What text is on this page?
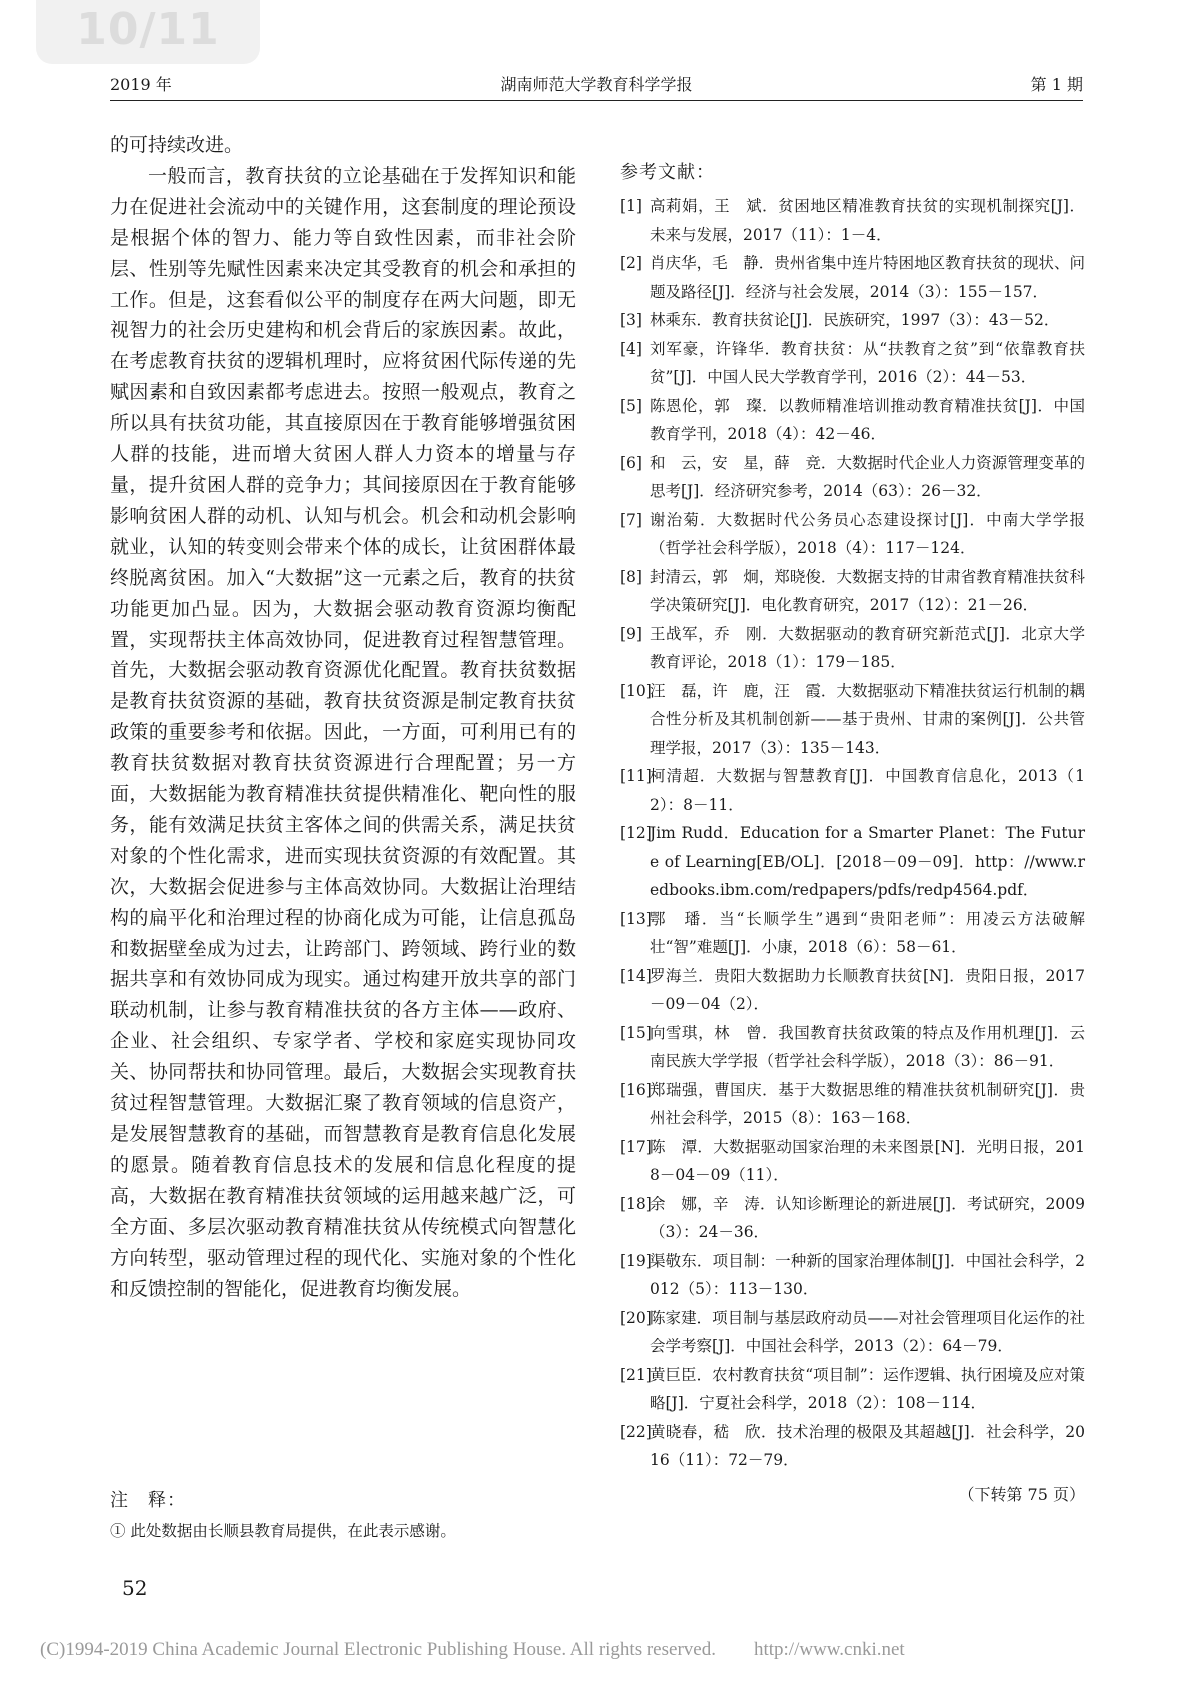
10/11
2019 年	湖南师范大学教育科学学报	第 1 期

的可持续改进。

一般而言，教育扶贫的立论基础在于发挥知识和能力在促进社会流动中的关键作用，这套制度的理论预设是根据个体的智力、能力等自致性因素，而非社会阶层、性别等先赋性因素来决定其受教育的机会和承担的工作。但是，这套看似公平的制度存在两大问题，即无视智力的社会历史建构和机会背后的家族因素。故此，在考虑教育扶贫的逻辑机理时，应将贫困代际传递的先赋因素和自致因素都考虑进去。按照一般观点，教育之所以具有扶贫功能，其直接原因在于教育能够增强贫困人群的技能，进而增大贫困人群人力资本的增量与存量，提升贫困人群的竞争力；其间接原因在于教育能够影响贫困人群的动机、认知与机会。机会和动机会影响就业，认知的转变则会带来个体的成长，让贫困群体最终脱离贫困。加入“大数据”这一元素之后，教育的扶贫功能更加凸显。因为，大数据会驱动教育资源均衡配置，实现帮扶主体高效协同，促进教育过程智慧管理。首先，大数据会驱动教育资源优化配置。教育扶贫数据是教育扶贫资源的基础，教育扶贫资源是制定教育扶贫政策的重要参考和依据。因此，一方面，可利用已有的教育扶贫数据对教育扶贫资源进行合理配置；另一方面，大数据能为教育精准扶贫提供精准化、靶向性的服务，能有效满足扶贫主客体之间的供需关系，满足扶贫对象的个性化需求，进而实现扶贫资源的有效配置。其次，大数据会促进参与主体高效协同。大数据让治理结构的扁平化和治理过程的协商化成为可能，让信息孤岛和数据壁垒成为过去，让跨部门、跨领域、跨行业的数据共享和有效协同成为现实。通过构建开放共享的部门联动机制，让参与教育精准扶贫的各方主体——政府、企业、社会组织、专家学者、学校和家庭实现协同攻关、协同帮扶和协同管理。最后，大数据会实现教育扶贫过程智慧管理。大数据汇聚了教育领域的信息资产，是发展智慧教育的基础，而智慧教育是教育信息化发展的愿景。随着教育信息技术的发展和信息化程度的提高，大数据在教育精准扶贫领域的运用越来越广泛，可全方面、多层次驱动教育精准扶贫从传统模式向智慧化方向转型，驱动管理过程的现代化、实施对象的个性化和反馈控制的智能化，促进教育均衡发展。

注　释：
① 此处数据由长顺县教育局提供，在此表示感谢。
参考文献：
[1] 高莉娟，王　斌．贫困地区精准教育扶贫的实现机制探究[J]．未来与发展，2017（11）：1－4．
[2] 肖庆华，毛　静．贵州省集中连片特困地区教育扶贫的现状、问题及路径[J]．经济与社会发展，2014（3）：155－157．
[3] 林乘东．教育扶贫论[J]．民族研究，1997（3）：43－52．
[4] 刘军豪，许锋华．教育扶贫：从“扶教育之贫”到“依靠教育扶贫”[J]．中国人民大学教育学刊，2016（2）：44－53．
[5] 陈恩伦，郭　璨．以教师精准培训推动教育精准扶贫[J]．中国教育学刊，2018（4）：42－46．
[6] 和　云，安　星，薛　竞．大数据时代企业人力资源管理变革的思考[J]．经济研究参考，2014（63）：26－32．
[7] 谢治菊．大数据时代公务员心态建设探讨[J]．中南大学学报（哲学社会科学版），2018（4）：117－124．
[8] 封清云，郭　炯，郑晓俊．大数据支持的甘肃省教育精准扶贫科学决策研究[J]．电化教育研究，2017（12）：21－26．
[9] 王战军，乔　刚．大数据驱动的教育研究新范式[J]．北京大学教育评论，2018（1）：179－185．
[10]
汪　磊，许　鹿，汪　霞．大数据驱动下精准扶贫运行机制的耦合性分析及其机制创新——基于贵州、甘肃的案例[J]．公共管理学报，2017（3）：135－143．
[11]
柯清超．大数据与智慧教育[J]．中国教育信息化，2013（12）：8－11．
[12]
Jim Rudd．Education for a Smarter Planet：The Future of Learning[EB/OL]．[2018－09－09]．http：//www.redbooks.ibm.com/redpapers/pdfs/redp4564.pdf．
[13]
鄂　璠．当“长顺学生”遇到“贵阳老师”：用凌云方法破解壮“智”难题[J]．小康，2018（6）：58－61．
[14]
罗海兰．贵阳大数据助力长顺教育扶贫[N]．贵阳日报，2017－09－04（2）．
[15]
向雪琪，林　曾．我国教育扶贫政策的特点及作用机理[J]．云南民族大学学报（哲学社会科学版），2018（3）：86－91．
[16]
郑瑞强，曹国庆．基于大数据思维的精准扶贫机制研究[J]．贵州社会科学，2015（8）：163－168．
[17]
陈　潭．大数据驱动国家治理的未来图景[N]．光明日报，2018－04－09（11）．
[18]
余　娜，辛　涛．认知诊断理论的新进展[J]．考试研究，2009（3）：24－36．
[19]
渠敬东．项目制：一种新的国家治理体制[J]．中国社会科学，2012（5）：113－130．
[20]
陈家建．项目制与基层政府动员——对社会管理项目化运作的社会学考察[J]．中国社会科学，2013（2）：64－79．
[21]
黄巨臣．农村教育扶贫“项目制”：运作逻辑、执行困境及应对策略[J]．宁夏社会科学，2018（2）：108－114．
[22]
黄晓春，嵇　欣．技术治理的极限及其超越[J]．社会科学，2016（11）：72－79．
（下转第 75 页）
52
(C)1994-2019 China Academic Journal Electronic Publishing House. All rights reserved.　　http://www.cnki.net
